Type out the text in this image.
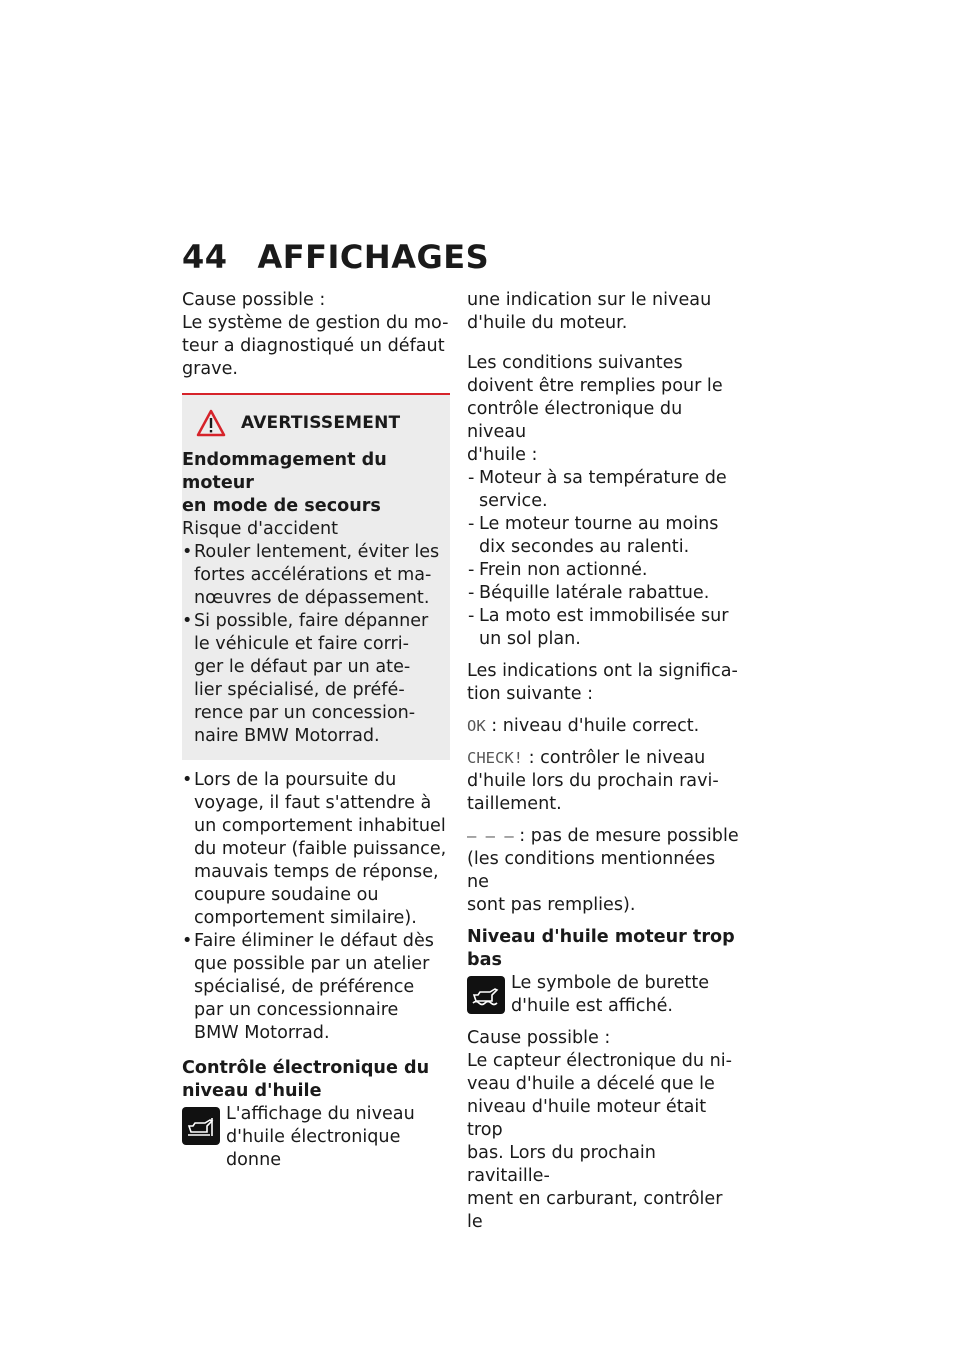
44 AFFICHAGES

Cause possible :
Le système de gestion du mo-
teur a diagnostiqué un défaut
grave.

AVERTISSEMENT

Endommagement du moteur
en mode de secours

Risque d'accident

• Rouler lentement, éviter les
fortes accélérations et ma-
nœuvres de dépassement.
• Si possible, faire dépanner
le véhicule et faire corri-
ger le défaut par un ate-
lier spécialisé, de préfé-
rence par un concession-
naire BMW Motorrad.
• Lors de la poursuite du
voyage, il faut s'attendre à
un comportement inhabituel
du moteur (faible puissance,
mauvais temps de réponse,
coupure soudaine ou
comportement similaire).
• Faire éliminer le défaut dès
que possible par un atelier
spécialisé, de préférence
par un concessionnaire
BMW Motorrad.

Contrôle électronique du
niveau d'huile

L'affichage du niveau
d'huile électronique donne

une indication sur le niveau
d'huile du moteur.

Les conditions suivantes
doivent être remplies pour le
contrôle électronique du niveau
d'huile :

- Moteur à sa température de
service.
- Le moteur tourne au moins
dix secondes au ralenti.
- Frein non actionné.
- Béquille latérale rabattue.
- La moto est immobilisée sur
un sol plan.

Les indications ont la significa-
tion suivante :

OK : niveau d'huile correct.

CHECK! : contrôler le niveau
d'huile lors du prochain ravi-
taillement.

– – – : pas de mesure possible
(les conditions mentionnées ne
sont pas remplies).

Niveau d'huile moteur trop
bas

Le symbole de burette
d'huile est affiché.

Cause possible :
Le capteur électronique du ni-
veau d'huile a décelé que le
niveau d'huile moteur était trop
bas. Lors du prochain ravitaille-
ment en carburant, contrôler le
